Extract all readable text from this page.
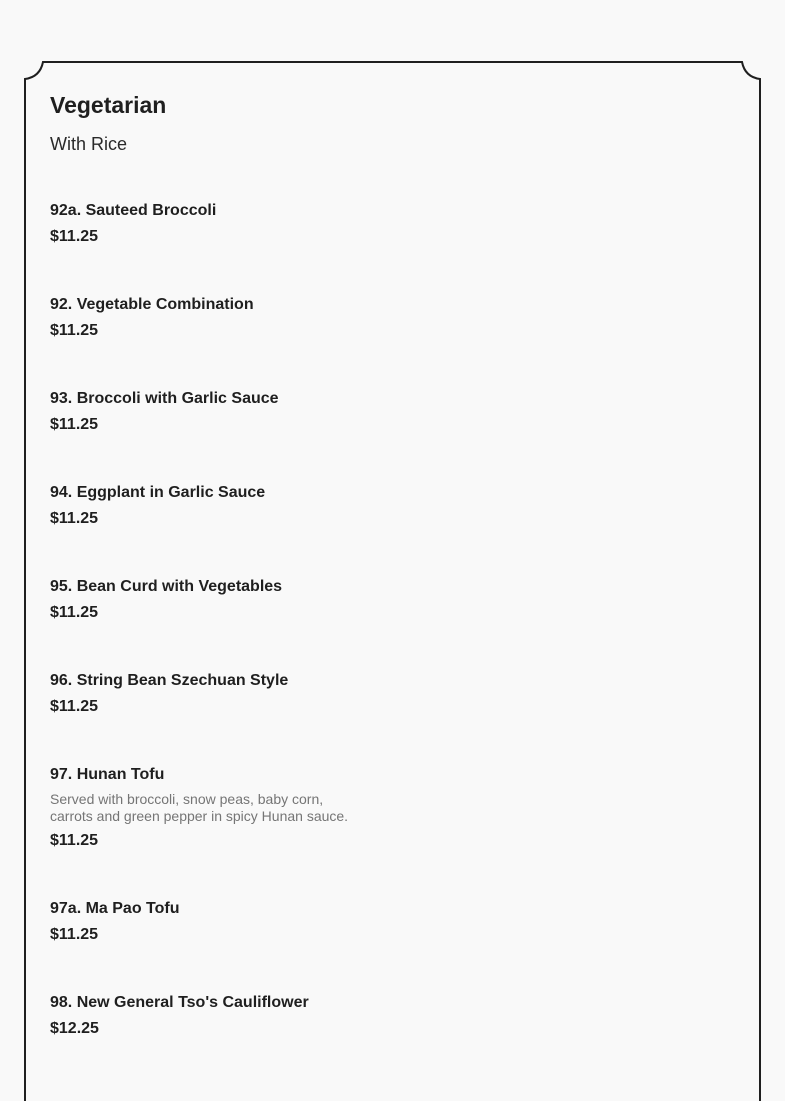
Vegetarian
With Rice
92a. Sauteed Broccoli
$11.25
92. Vegetable Combination
$11.25
93. Broccoli with Garlic Sauce
$11.25
94. Eggplant in Garlic Sauce
$11.25
95. Bean Curd with Vegetables
$11.25
96. String Bean Szechuan Style
$11.25
97. Hunan Tofu
Served with broccoli, snow peas, baby corn, carrots and green pepper in spicy Hunan sauce.
$11.25
97a. Ma Pao Tofu
$11.25
98. New General Tso's Cauliflower
$12.25
